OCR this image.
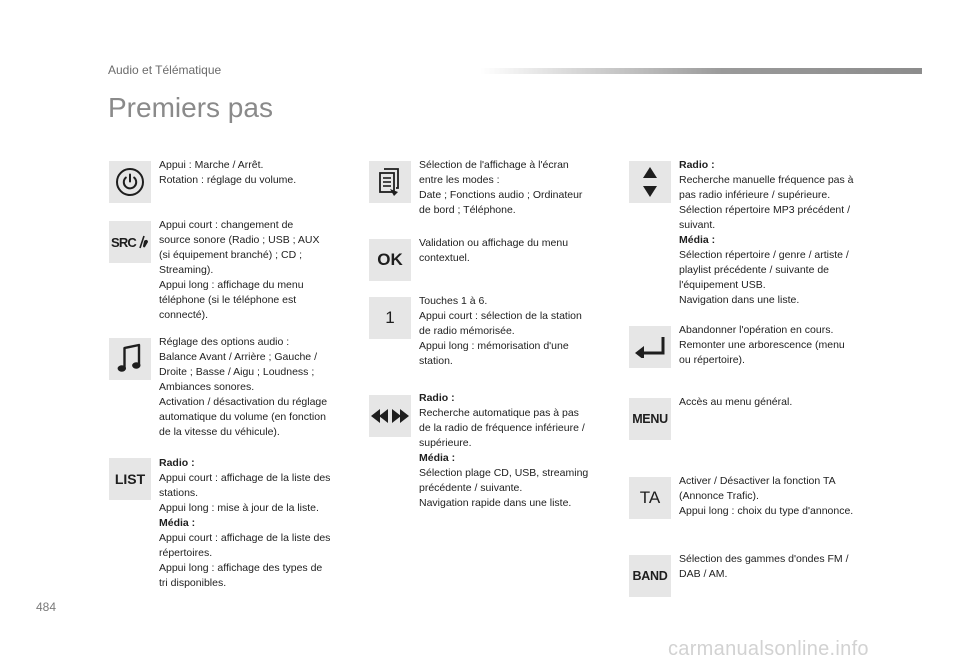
Audio et Télématique
Premiers pas
Appui : Marche / Arrêt.
Rotation : réglage du volume.
SRC
Appui court : changement de
source sonore (Radio ; USB ; AUX
(si équipement branché) ; CD ;
Streaming).
Appui long : affichage du menu
téléphone (si le téléphone est
connecté).
Réglage des options audio :
Balance Avant / Arrière ; Gauche /
Droite ; Basse / Aigu ; Loudness ;
Ambiances sonores.
Activation / désactivation du réglage
automatique du volume (en fonction
de la vitesse du véhicule).
LIST
Radio :
Appui court : affichage de la liste des
stations.
Appui long : mise à jour de la liste.
Média :
Appui court : affichage de la liste des
répertoires.
Appui long : affichage des types de
tri disponibles.
Sélection de l'affichage à l'écran
entre les modes :
Date ; Fonctions audio ; Ordinateur
de bord ; Téléphone.
OK
Validation ou affichage du menu
contextuel.
1
Touches 1 à 6.
Appui court : sélection de la station
de radio mémorisée.
Appui long : mémorisation d'une
station.
Radio :
Recherche automatique pas à pas
de la radio de fréquence inférieure /
supérieure.
Média :
Sélection plage CD, USB, streaming
précédente / suivante.
Navigation rapide dans une liste.
Radio :
Recherche manuelle fréquence pas à
pas radio inférieure / supérieure.
Sélection répertoire MP3 précédent /
suivant.
Média :
Sélection répertoire / genre / artiste /
playlist précédente / suivante de
l'équipement USB.
Navigation dans une liste.
Abandonner l'opération en cours.
Remonter une arborescence (menu
ou répertoire).
MENU
Accès au menu général.
TA
Activer / Désactiver la fonction TA
(Annonce Trafic).
Appui long : choix du type d'annonce.
BAND
Sélection des gammes d'ondes FM /
DAB / AM.
484
carmanualsonline.info
